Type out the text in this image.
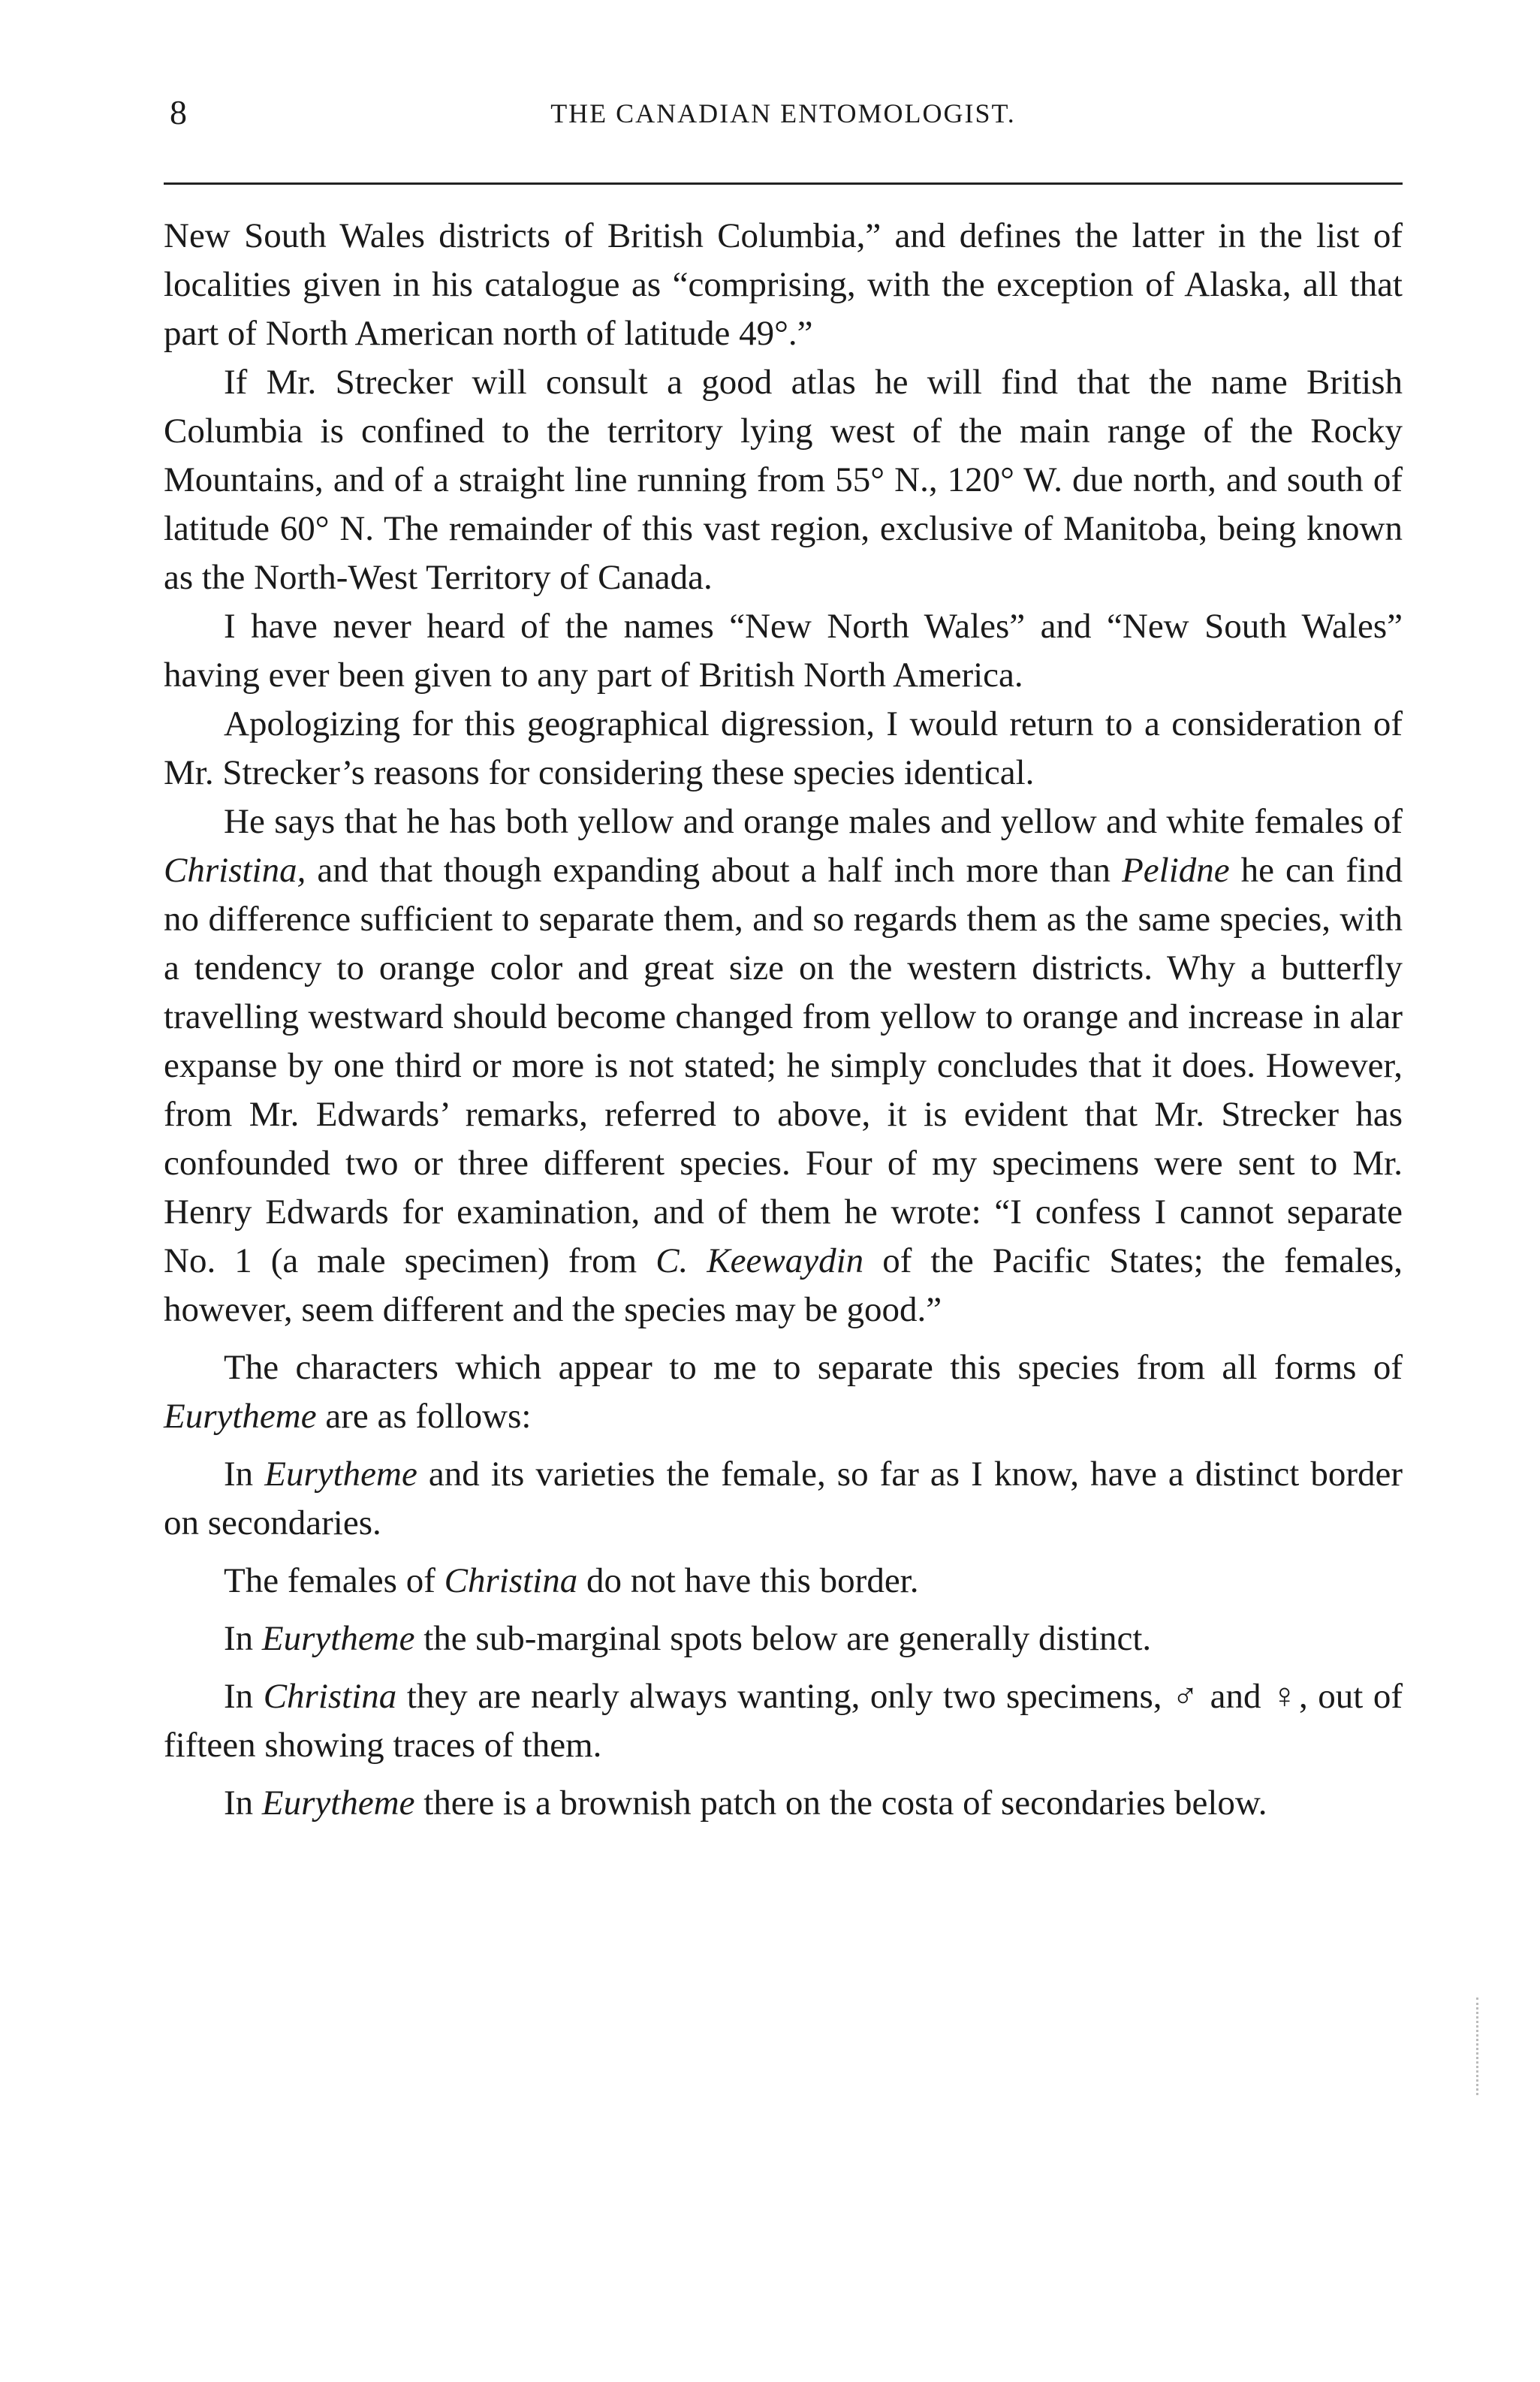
8	THE CANADIAN ENTOMOLOGIST.

New South Wales districts of British Columbia,” and defines the latter in the list of localities given in his catalogue as “comprising, with the exception of Alaska, all that part of North American north of latitude 49°.”

If Mr. Strecker will consult a good atlas he will find that the name British Columbia is confined to the territory lying west of the main range of the Rocky Mountains, and of a straight line running from 55° N., 120° W. due north, and south of latitude 60° N. The remainder of this vast region, exclusive of Manitoba, being known as the North-West Territory of Canada.

I have never heard of the names “New North Wales” and “New South Wales” having ever been given to any part of British North America.

Apologizing for this geographical digression, I would return to a consideration of Mr. Strecker’s reasons for considering these species identical.

He says that he has both yellow and orange males and yellow and white females of Christina, and that though expanding about a half inch more than Pelidne he can find no difference sufficient to separate them, and so regards them as the same species, with a tendency to orange color and great size on the western districts. Why a butterfly travelling westward should become changed from yellow to orange and increase in alar expanse by one third or more is not stated; he simply concludes that it does. However, from Mr. Edwards’ remarks, referred to above, it is evident that Mr. Strecker has confounded two or three different species. Four of my specimens were sent to Mr. Henry Edwards for examination, and of them he wrote: “I confess I cannot separate No. 1 (a male specimen) from C. Keewaydin of the Pacific States; the females, however, seem different and the species may be good.”

The characters which appear to me to separate this species from all forms of Eurytheme are as follows:

In Eurytheme and its varieties the female, so far as I know, have a distinct border on secondaries.

The females of Christina do not have this border.

In Eurytheme the sub-marginal spots below are generally distinct.

In Christina they are nearly always wanting, only two specimens, ♂ and ♀, out of fifteen showing traces of them.

In Eurytheme there is a brownish patch on the costa of secondaries below.
